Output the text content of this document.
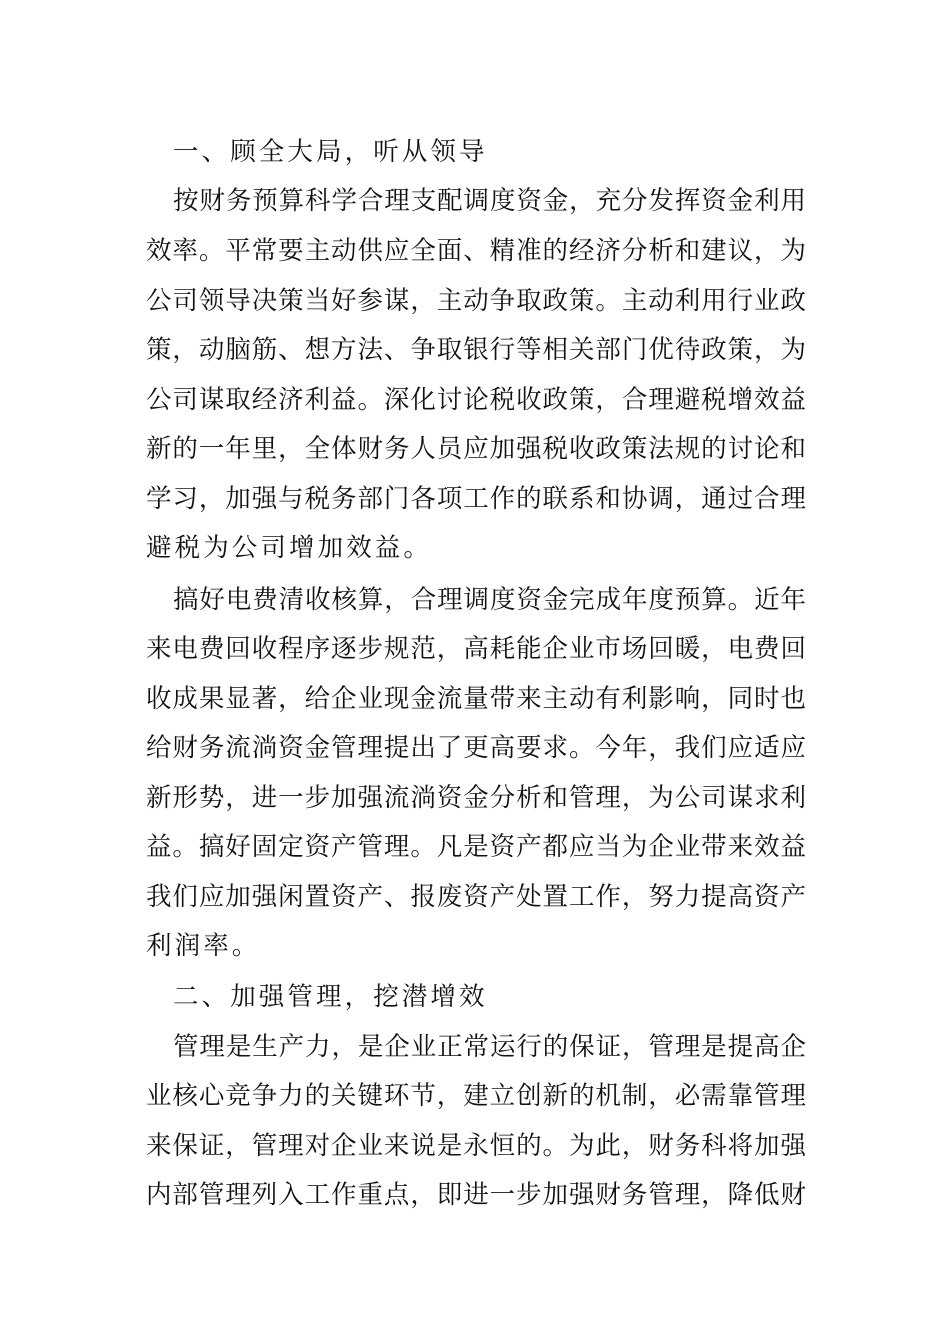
一、顾全大局，听从领导
按财务预算科学合理支配调度资金，充分发挥资金利用
效率。平常要主动供应全面、精准的经济分析和建议，为
公司领导决策当好参谋，主动争取政策。主动利用行业政
策，动脑筋、想方法、争取银行等相关部门优待政策，为
公司谋取经济利益。深化讨论税收政策，合理避税增效益
新的一年里，全体财务人员应加强税收政策法规的讨论和
学习，加强与税务部门各项工作的联系和协调，通过合理
避税为公司增加效益。
搞好电费清收核算，合理调度资金完成年度预算。近年
来电费回收程序逐步规范，高耗能企业市场回暖，电费回
收成果显著，给企业现金流量带来主动有利影响，同时也
给财务流淌资金管理提出了更高要求。今年，我们应适应
新形势，进一步加强流淌资金分析和管理，为公司谋求利
益。搞好固定资产管理。凡是资产都应当为企业带来效益
我们应加强闲置资产、报废资产处置工作，努力提高资产
利润率。
二、加强管理，挖潜增效
管理是生产力，是企业正常运行的保证，管理是提高企
业核心竞争力的关键环节，建立创新的机制，必需靠管理
来保证，管理对企业来说是永恒的。为此，财务科将加强
内部管理列入工作重点，即进一步加强财务管理，降低财
